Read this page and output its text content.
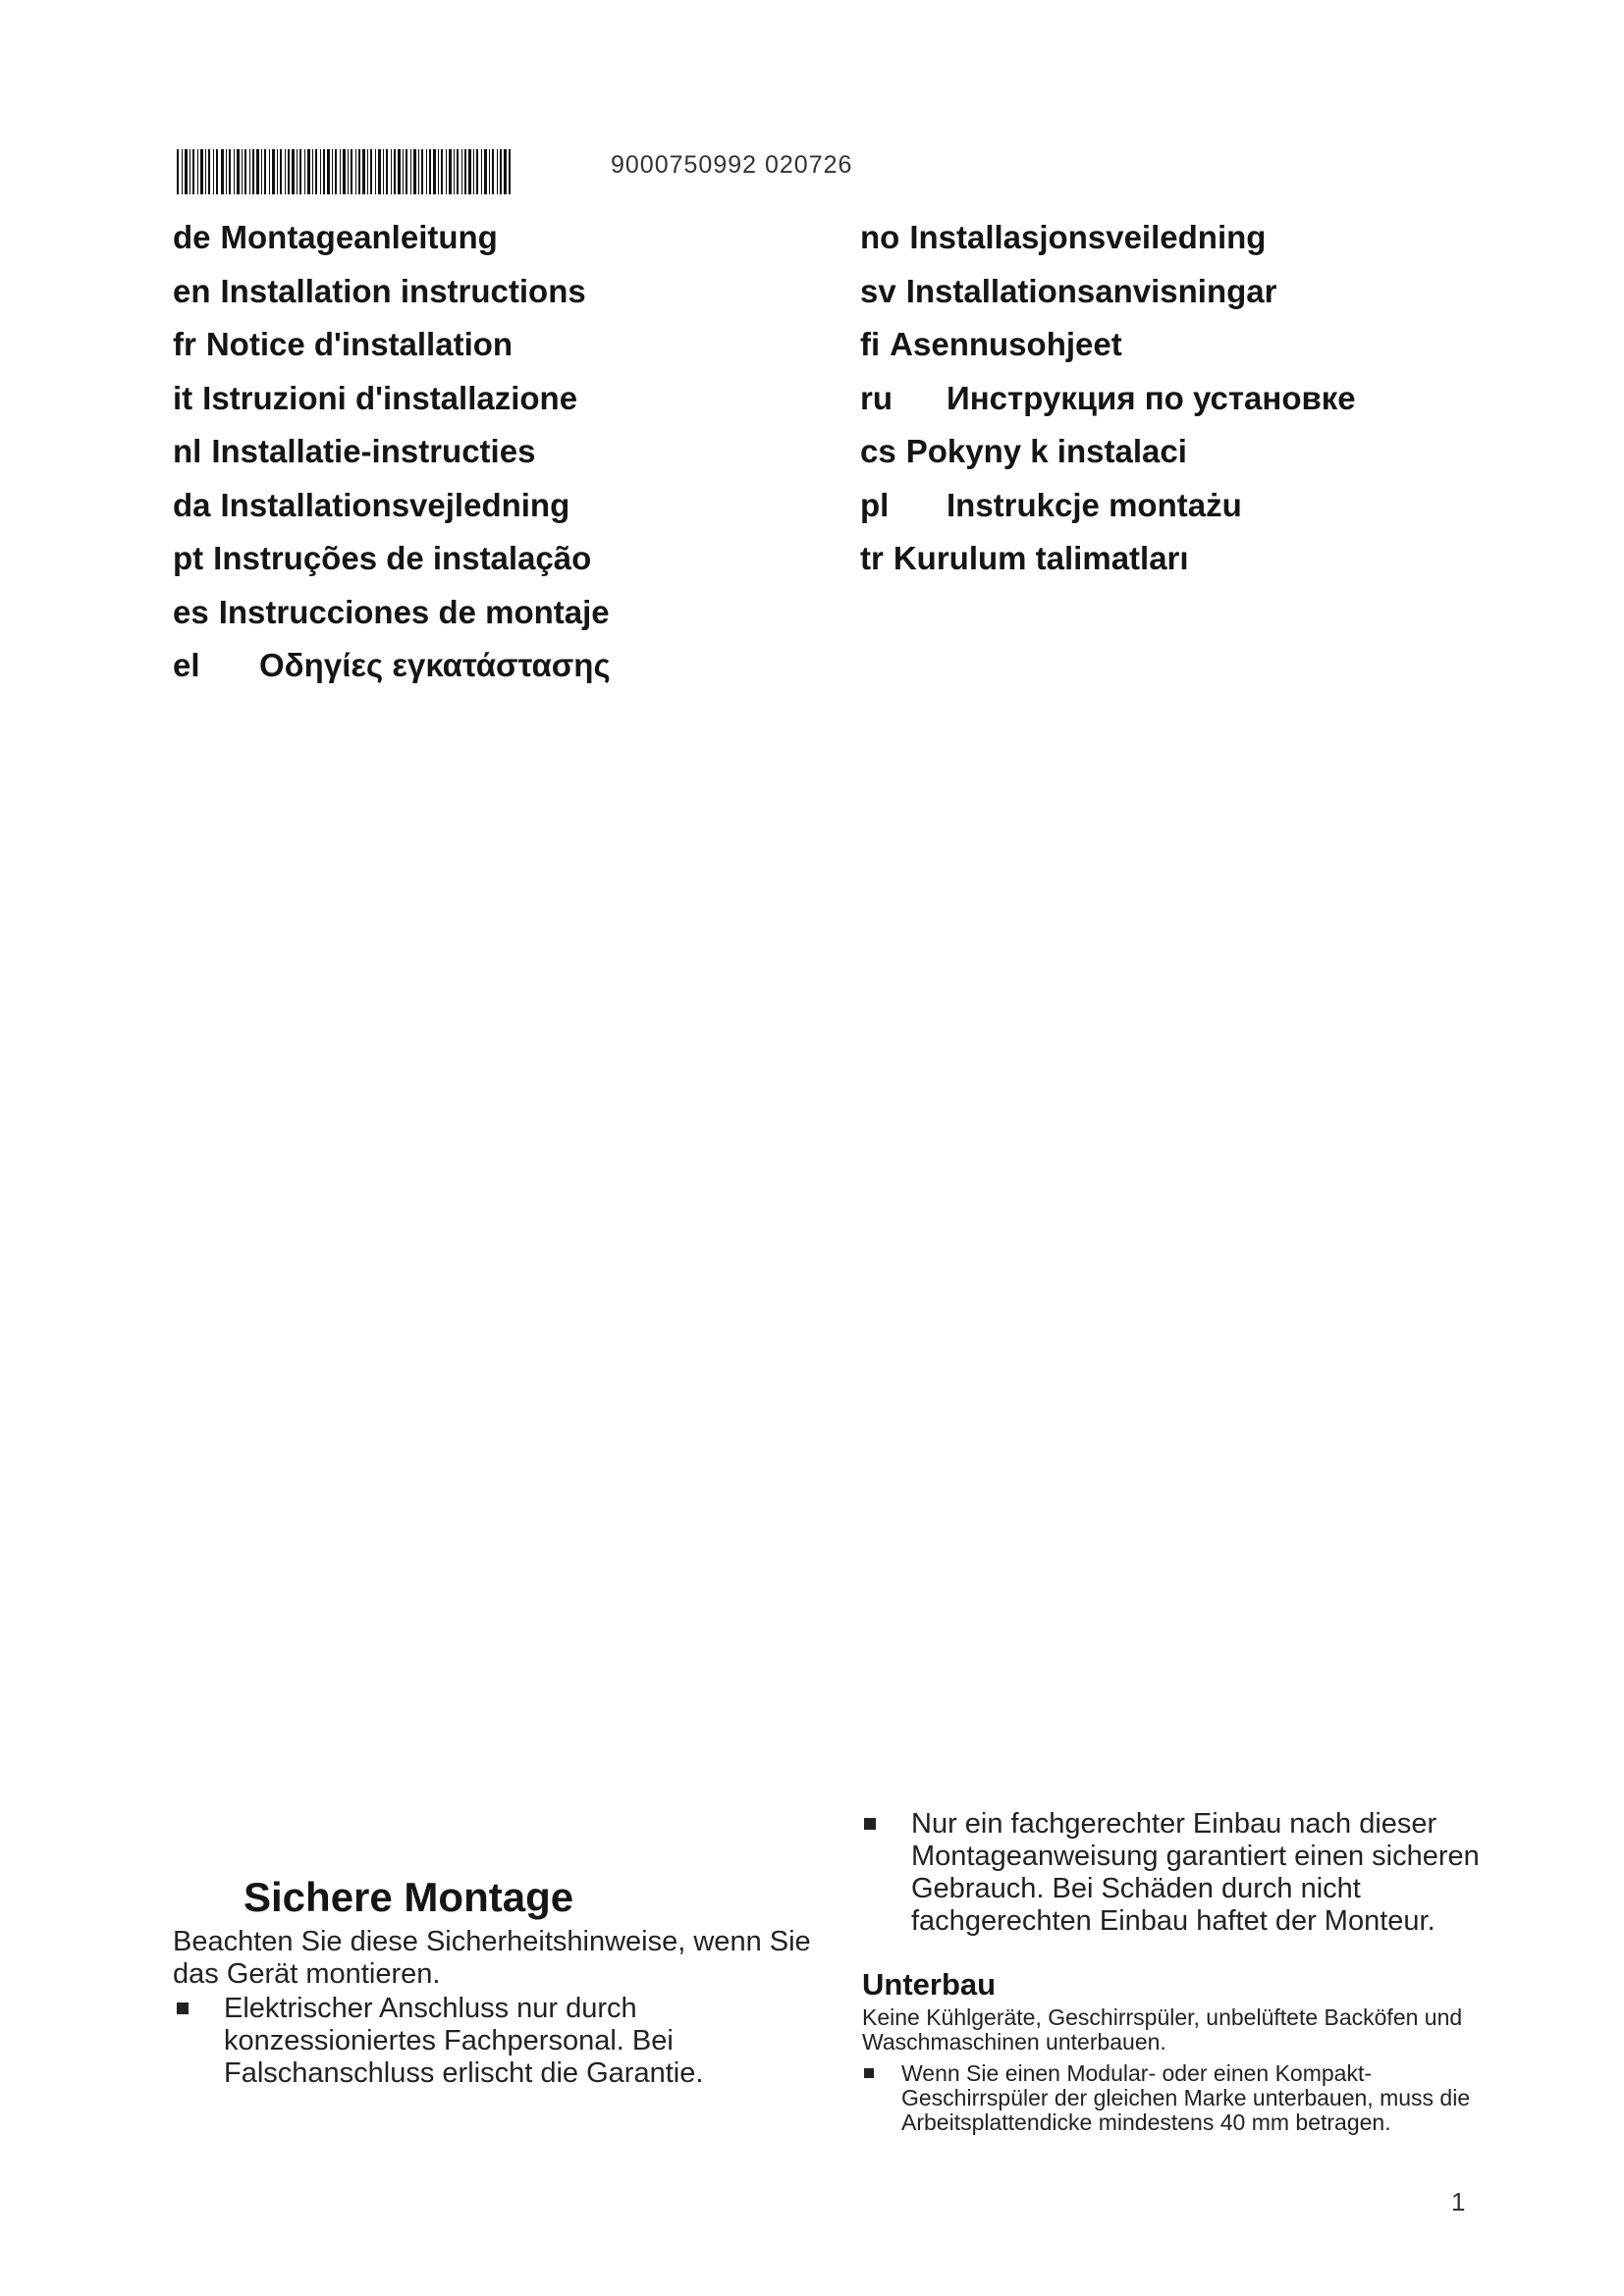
9000750992 020726
de Montageanleitung
en Installation instructions
fr Notice d'installation
it Istruzioni d'installazione
nl Installatie-instructies
da Installationsvejledning
pt Instruções de instalação
es Instrucciones de montaje
el	Οδηγίες εγκατάστασης
no Installasjonsveiledning
sv Installationsanvisningar
fi Asennusohjeet
ru	Инструкция по установке
cs Pokyny k instalaci
pl	Instrukcje montażu
tr Kurulum talimatları
Sichere Montage
Beachten Sie diese Sicherheitshinweise, wenn Sie das Gerät montieren.
Elektrischer Anschluss nur durch konzessioniertes Fachpersonal. Bei Falschanschluss erlischt die Garantie.
Nur ein fachgerechter Einbau nach dieser Montageanweisung garantiert einen sicheren Gebrauch. Bei Schäden durch nicht fachgerechten Einbau haftet der Monteur.
Unterbau
Keine Kühlgeräte, Geschirrspüler, unbelüftete Backöfen und Waschmaschinen unterbauen.
Wenn Sie einen Modular- oder einen Kompakt-Geschirrspüler der gleichen Marke unterbauen, muss die Arbeitsplattendicke mindestens 40 mm betragen.
1
